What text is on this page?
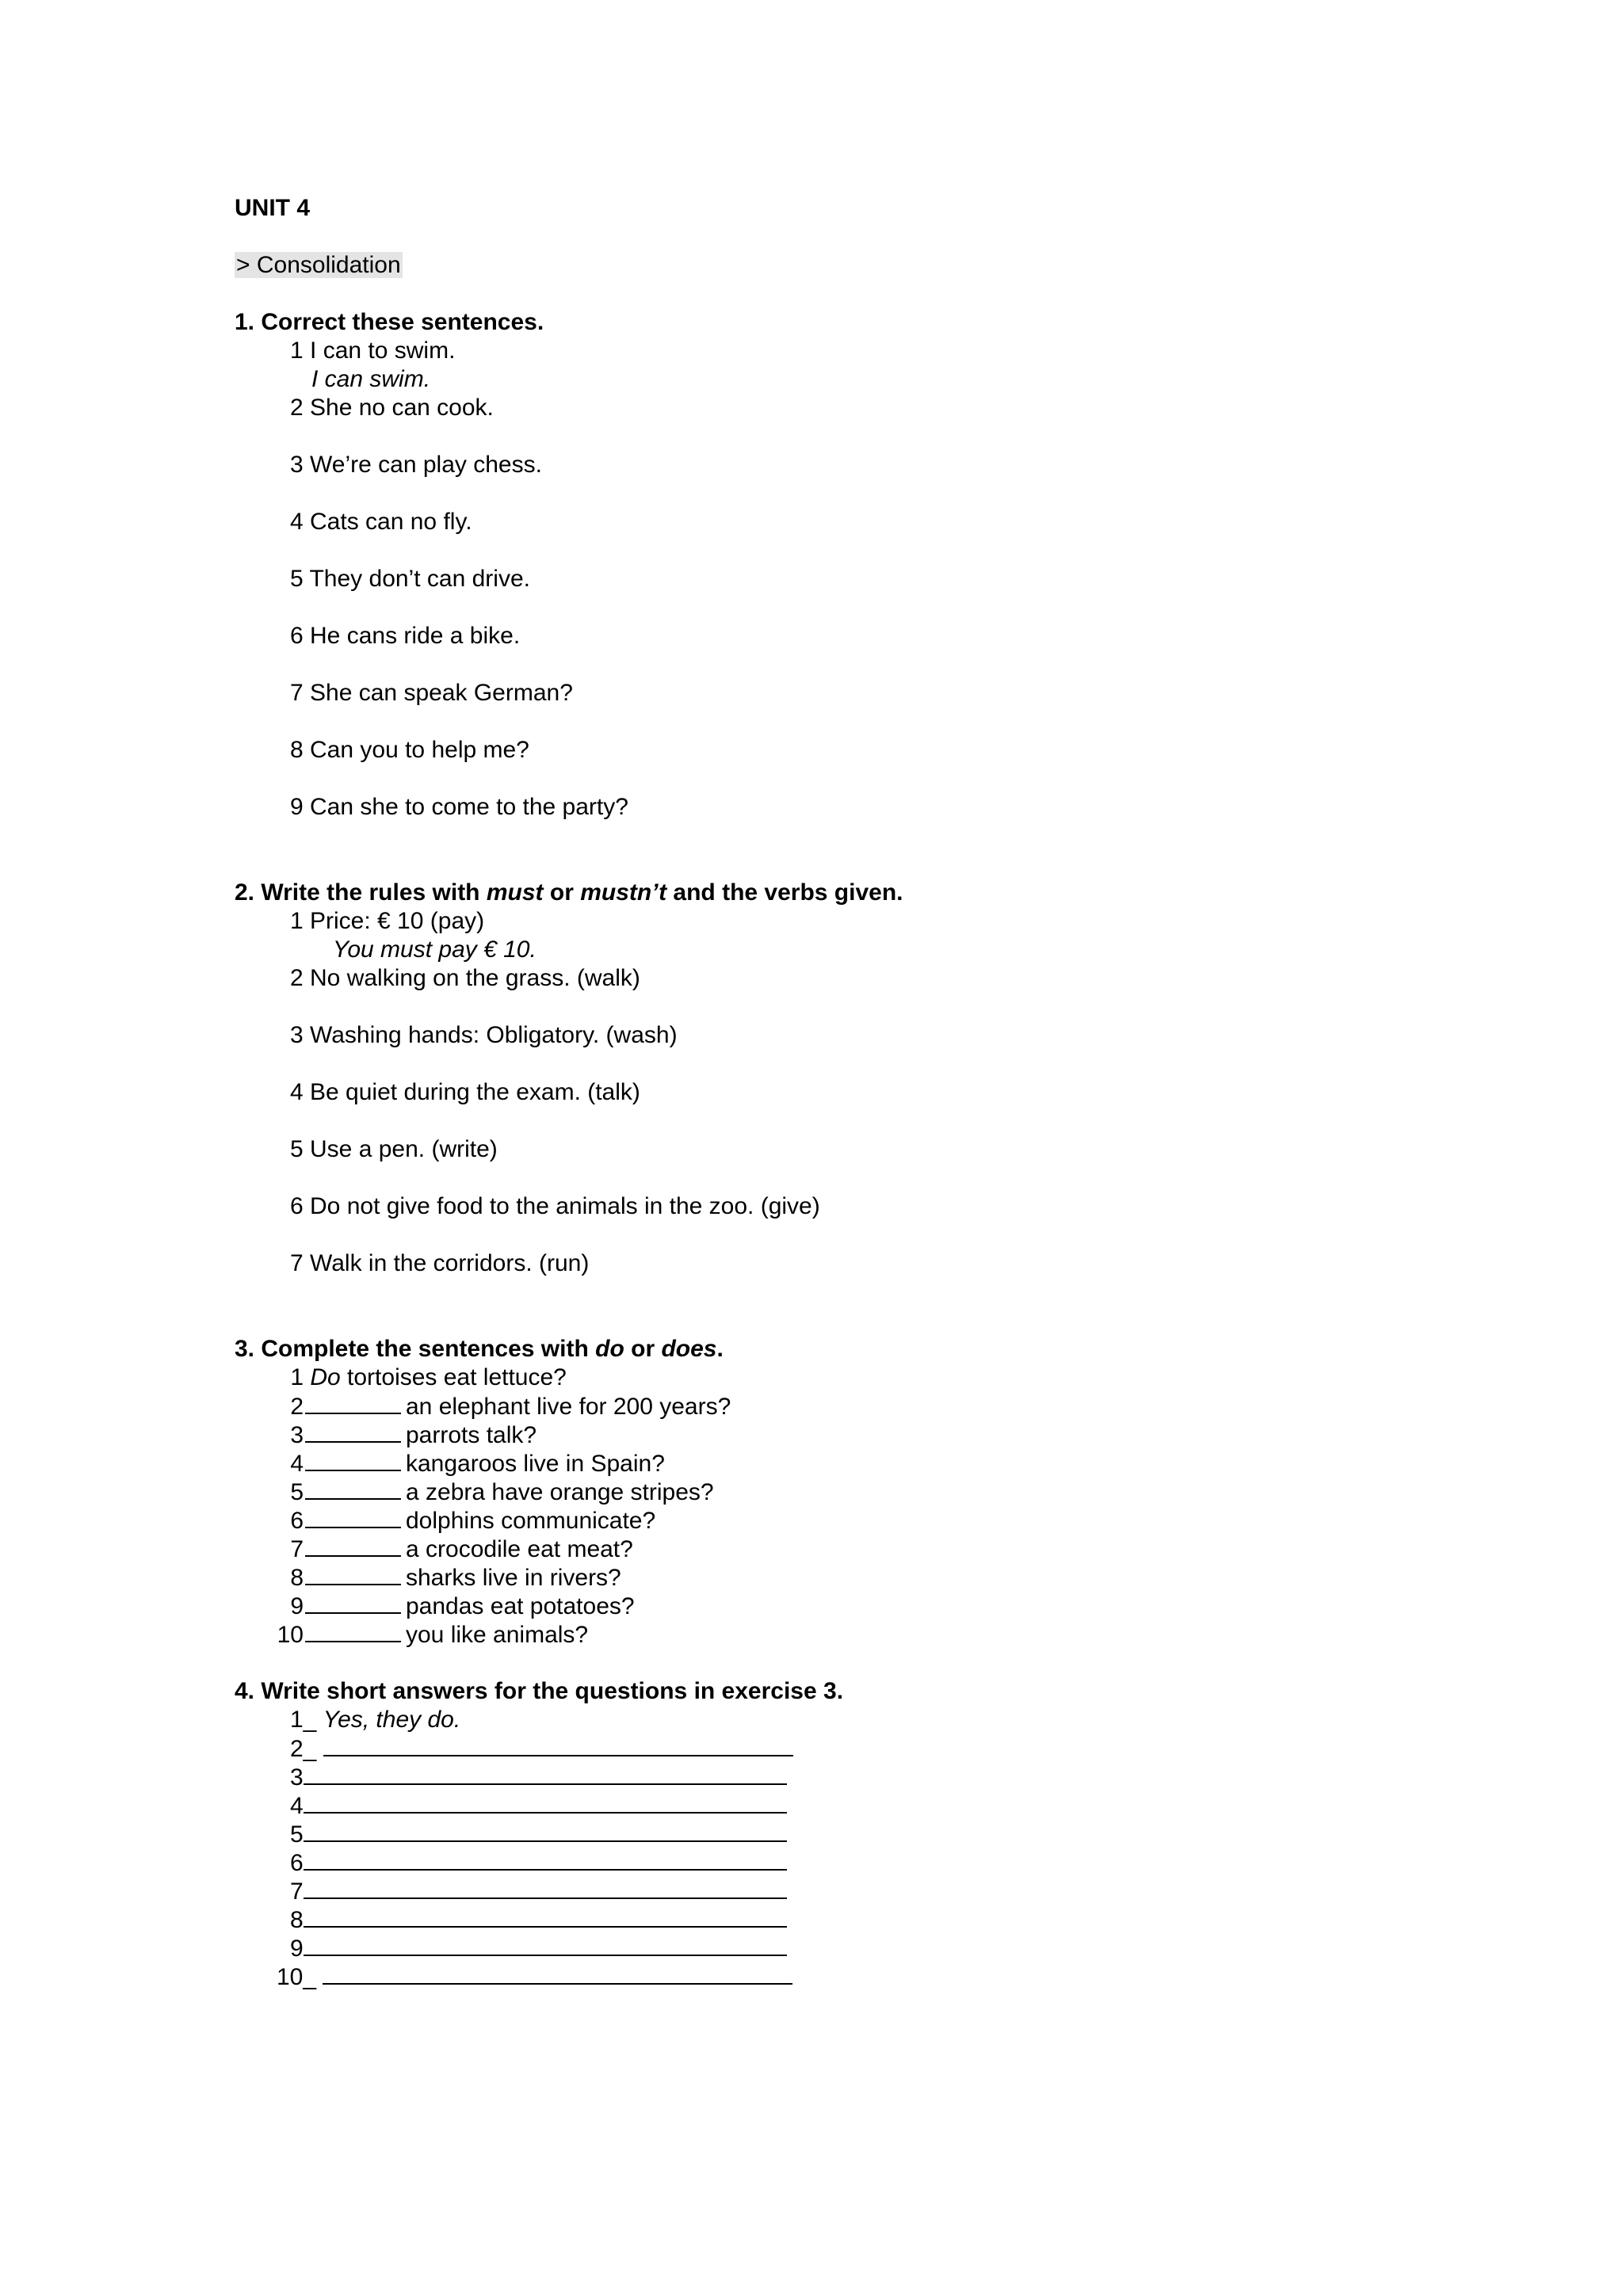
UNIT 4
> Consolidation
1. Correct these sentences.
1 I can to swim.
I can swim.
2 She no can cook.
3 We’re can play chess.
4 Cats can no fly.
5 They don’t can drive.
6 He cans ride a bike.
7 She can speak German?
8 Can you to help me?
9 Can she to come to the party?
2. Write the rules with must or mustn’t and the verbs given.
1 Price: € 10 (pay)
You must pay € 10.
2 No walking on the grass. (walk)
3 Washing hands: Obligatory. (wash)
4 Be quiet during the exam. (talk)
5 Use a pen. (write)
6 Do not give food to the animals in the zoo. (give)
7 Walk in the corridors. (run)
3. Complete the sentences with do or does.
1 Do tortoises eat lettuce?
2	an elephant live for 200 years?
3	parrots talk?
4	kangaroos live in Spain?
5	a zebra have orange stripes?
6	dolphins communicate?
7	a crocodile eat meat?
8	sharks live in rivers?
9	pandas eat potatoes?
10	you like animals?
4. Write short answers for the questions in exercise 3.
1_ Yes, they do.
2_
3
4
5
6
7
8
9
10_
